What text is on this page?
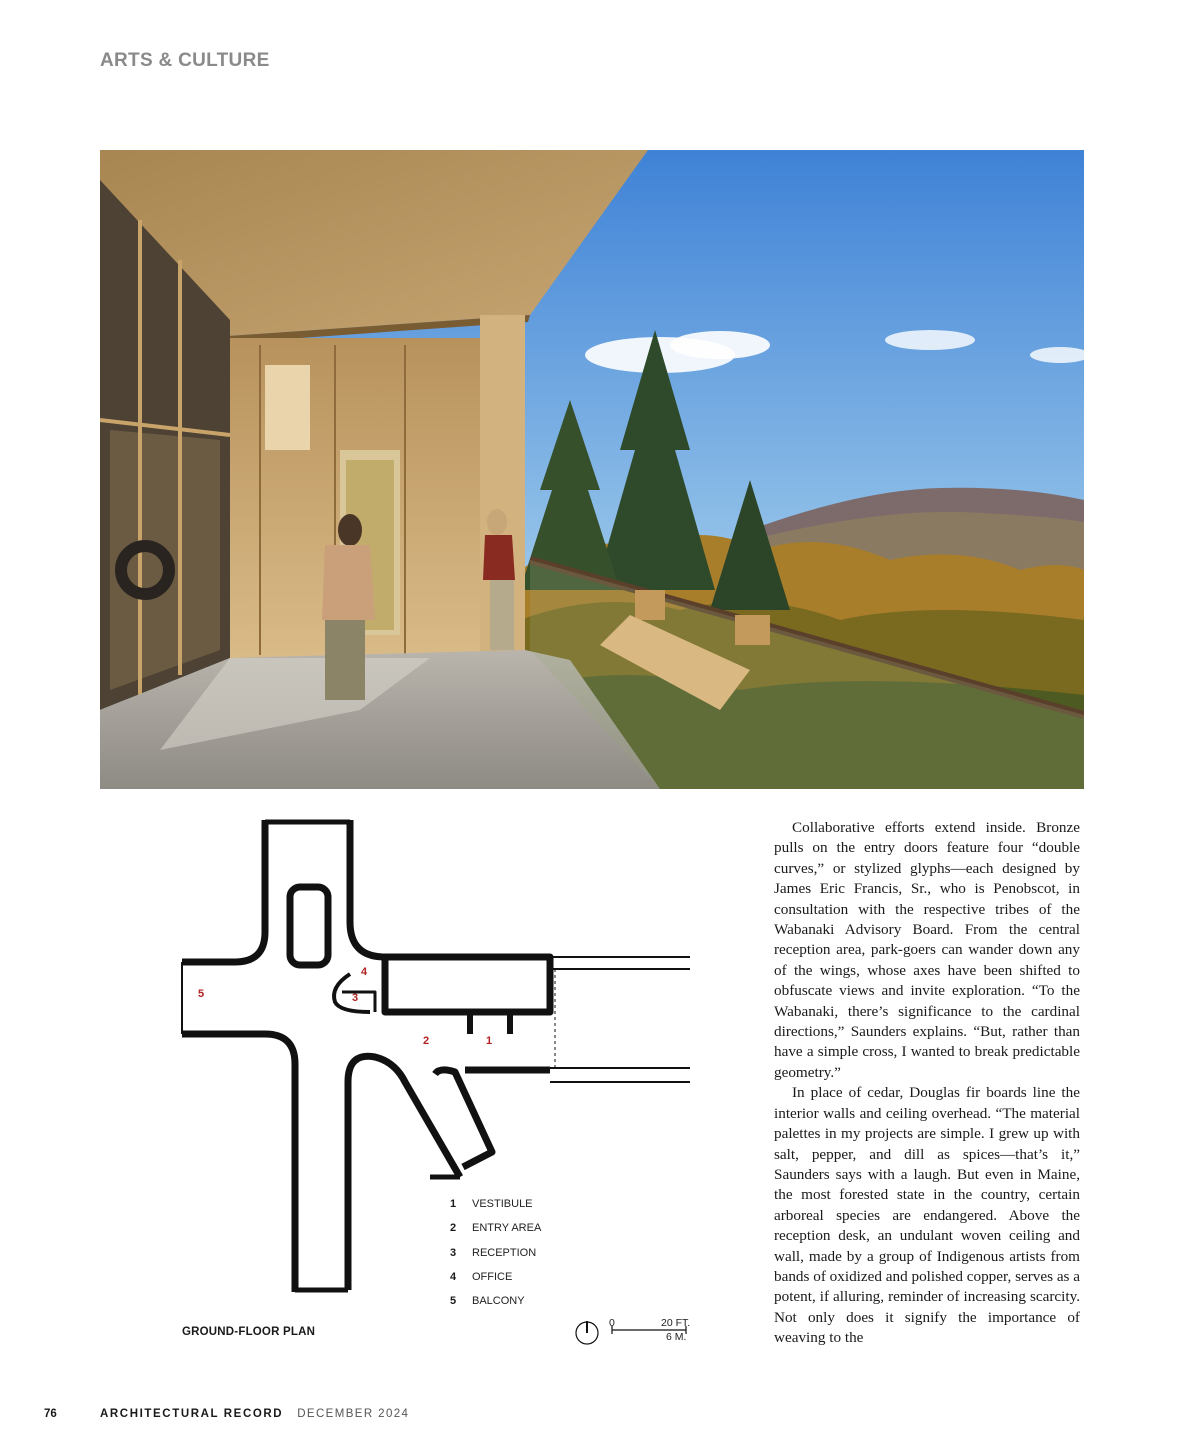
ARTS & CULTURE
1
2
3
4
5
1	VESTIBULE
2	ENTRY AREA
3	RECEPTION
4	OFFICE
5	BALCONY
GROUND-FLOOR PLAN
0	20 FT.
6 M.

Collaborative efforts extend inside. Bronze pulls on the entry doors feature four “double curves,” or stylized glyphs—each designed by James Eric Francis, Sr., who is Penobscot, in consultation with the respective tribes of the Wabanaki Advisory Board. From the central reception area, park-goers can wander down any of the wings, whose axes have been shifted to obfuscate views and invite exploration. “To the Wabanaki, there’s significance to the cardinal directions,” Saunders explains. “But, rather than have a simple cross, I wanted to break predictable geometry.”

In place of cedar, Douglas fir boards line the interior walls and ceiling overhead. “The material palettes in my projects are simple. I grew up with salt, pepper, and dill as spices—that’s it,” Saunders says with a laugh. But even in Maine, the most forested state in the country, certain arboreal species are endangered. Above the reception desk, an undulant woven ceiling and wall, made by a group of Indigenous artists from bands of oxidized and polished copper, serves as a potent, if alluring, reminder of increasing scarcity. Not only does it signify the importance of weaving to the

76	ARCHITECTURAL RECORD DECEMBER 2024
